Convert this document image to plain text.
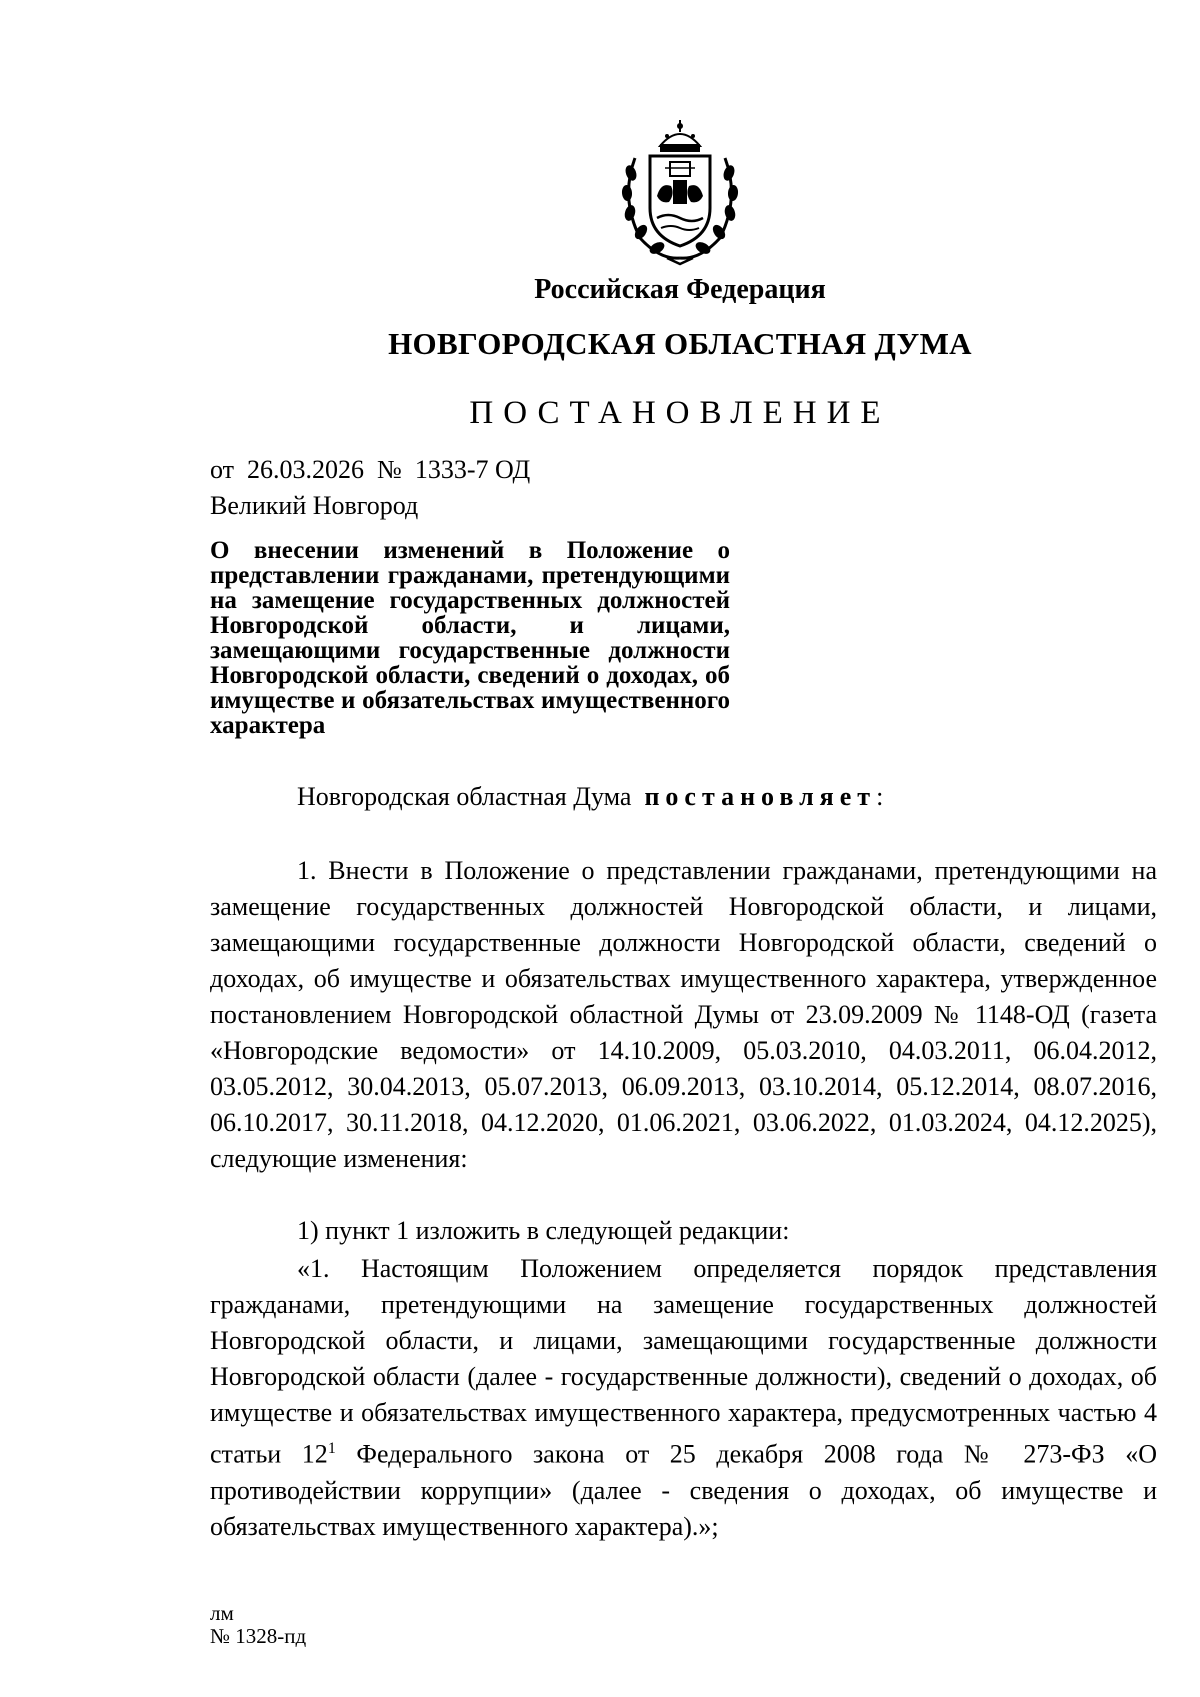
Российская Федерация
НОВГОРОДСКАЯ ОБЛАСТНАЯ ДУМА
ПОСТАНОВЛЕНИЕ
от  26.03.2026  №  1333-7 ОД
Великий Новгород
О внесении изменений в Положение о представлении гражданами, претендующими на замещение государственных должностей Новгородской области, и лицами, замещающими государственные должности Новгородской области, сведений о доходах, об имуществе и обязательствах имущественного характера
Новгородская областная Дума постановляет:
1. Внести в Положение о представлении гражданами, претендующими на замещение государственных должностей Новгородской области, и лицами, замещающими государственные должности Новгородской области, сведений о доходах, об имуществе и обязательствах имущественного характера, утвержденное постановлением Новгородской областной Думы от 23.09.2009 № 1148-ОД (газета «Новгородские ведомости» от 14.10.2009, 05.03.2010, 04.03.2011, 06.04.2012, 03.05.2012, 30.04.2013, 05.07.2013, 06.09.2013, 03.10.2014, 05.12.2014, 08.07.2016, 06.10.2017, 30.11.2018, 04.12.2020, 01.06.2021, 03.06.2022, 01.03.2024, 04.12.2025), следующие изменения:
1) пункт 1 изложить в следующей редакции:
«1. Настоящим Положением определяется порядок представления гражданами, претендующими на замещение государственных должностей Новгородской области, и лицами, замещающими государственные должности Новгородской области (далее - государственные должности), сведений о доходах, об имуществе и обязательствах имущественного характера, предусмотренных частью 4 статьи $12^1$ Федерального закона от 25 декабря 2008 года № 273-ФЗ «О противодействии коррупции» (далее - сведения о доходах, об имуществе и обязательствах имущественного характера).»;
лм
№ 1328-пд
